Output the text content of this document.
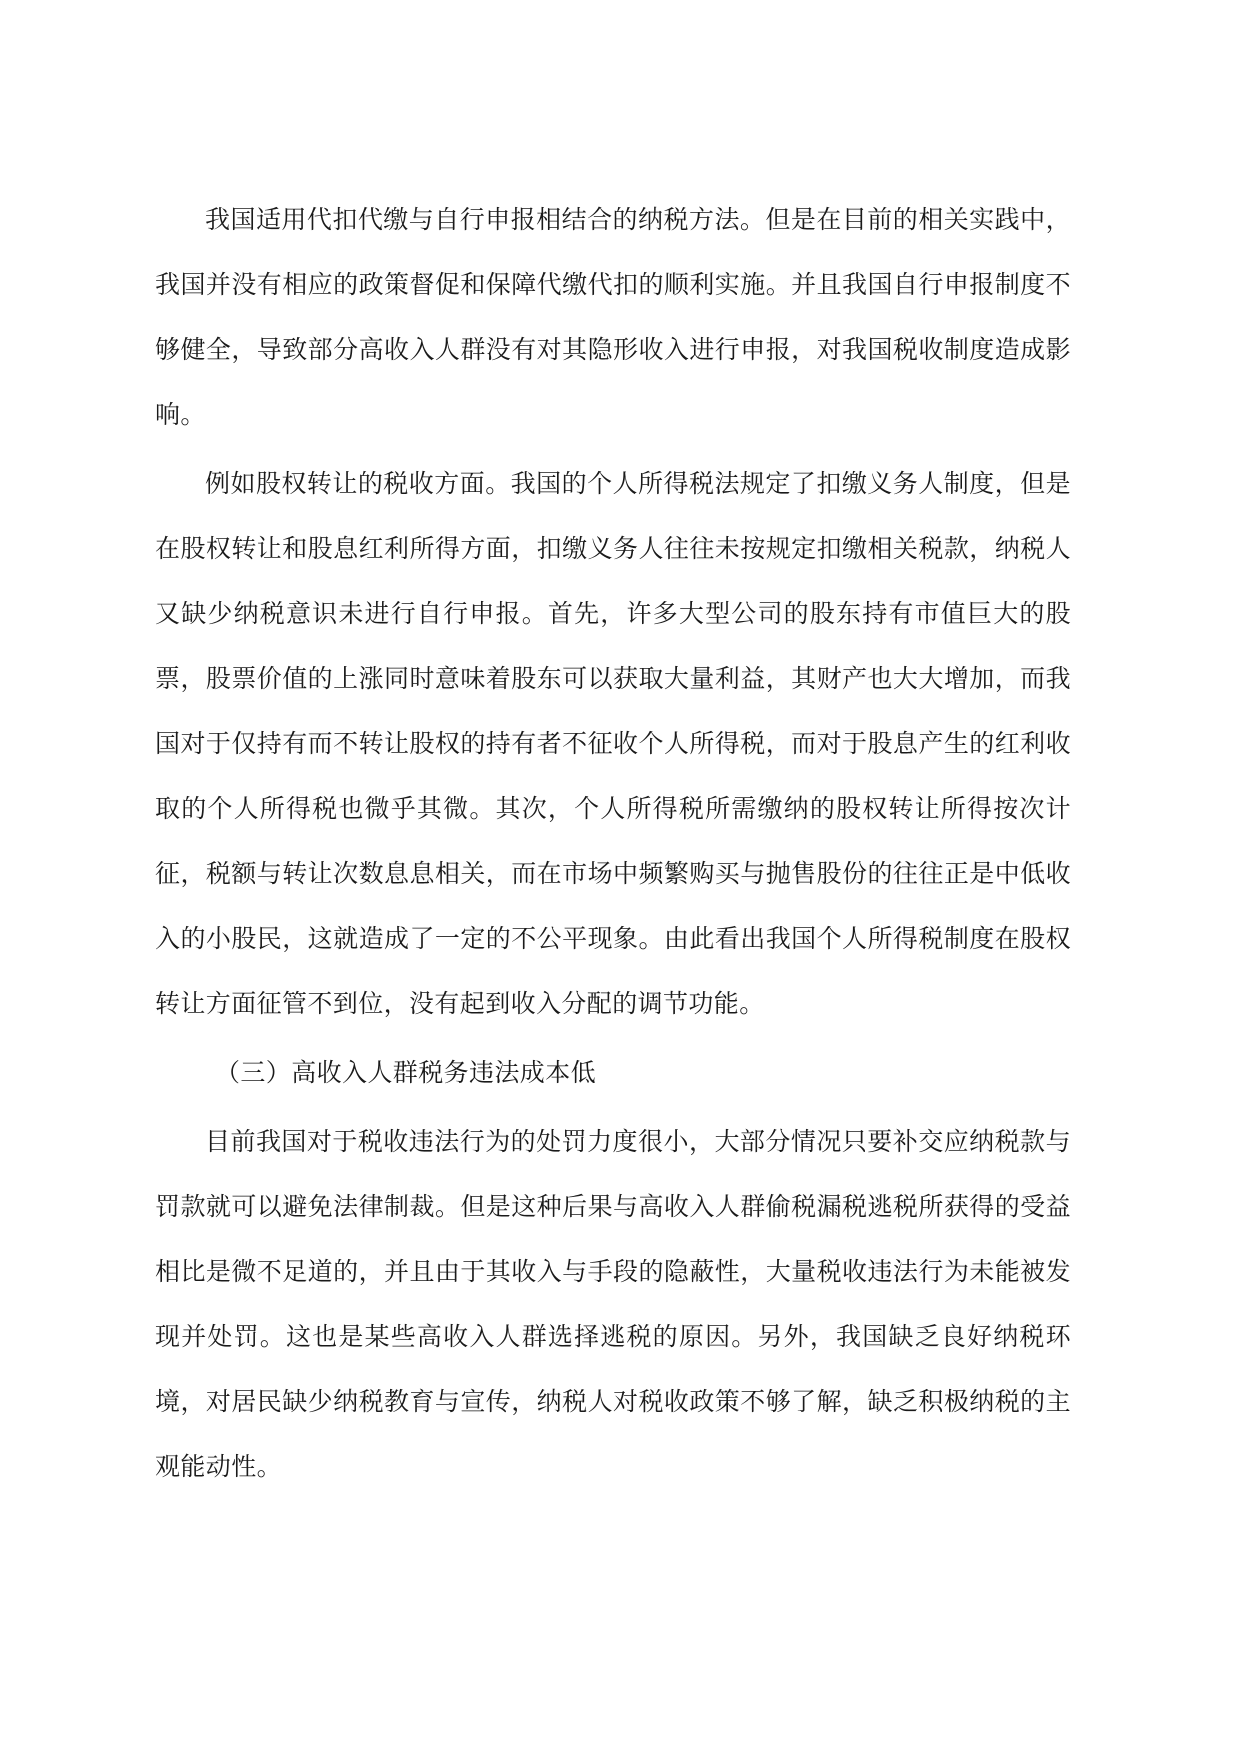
我国适用代扣代缴与自行申报相结合的纳税方法。但是在目前的相关实践中，我国并没有相应的政策督促和保障代缴代扣的顺利实施。并且我国自行申报制度不够健全，导致部分高收入人群没有对其隐形收入进行申报，对我国税收制度造成影响。

例如股权转让的税收方面。我国的个人所得税法规定了扣缴义务人制度，但是在股权转让和股息红利所得方面，扣缴义务人往往未按规定扣缴相关税款，纳税人又缺少纳税意识未进行自行申报。首先，许多大型公司的股东持有市值巨大的股票，股票价值的上涨同时意味着股东可以获取大量利益，其财产也大大增加，而我国对于仅持有而不转让股权的持有者不征收个人所得税，而对于股息产生的红利收取的个人所得税也微乎其微。其次，个人所得税所需缴纳的股权转让所得按次计征，税额与转让次数息息相关，而在市场中频繁购买与抛售股份的往往正是中低收入的小股民，这就造成了一定的不公平现象。由此看出我国个人所得税制度在股权转让方面征管不到位，没有起到收入分配的调节功能。

（三）高收入人群税务违法成本低

目前我国对于税收违法行为的处罚力度很小，大部分情况只要补交应纳税款与罚款就可以避免法律制裁。但是这种后果与高收入人群偷税漏税逃税所获得的受益相比是微不足道的，并且由于其收入与手段的隐蔽性，大量税收违法行为未能被发现并处罚。这也是某些高收入人群选择逃税的原因。另外，我国缺乏良好纳税环境，对居民缺少纳税教育与宣传，纳税人对税收政策不够了解，缺乏积极纳税的主观能动性。
